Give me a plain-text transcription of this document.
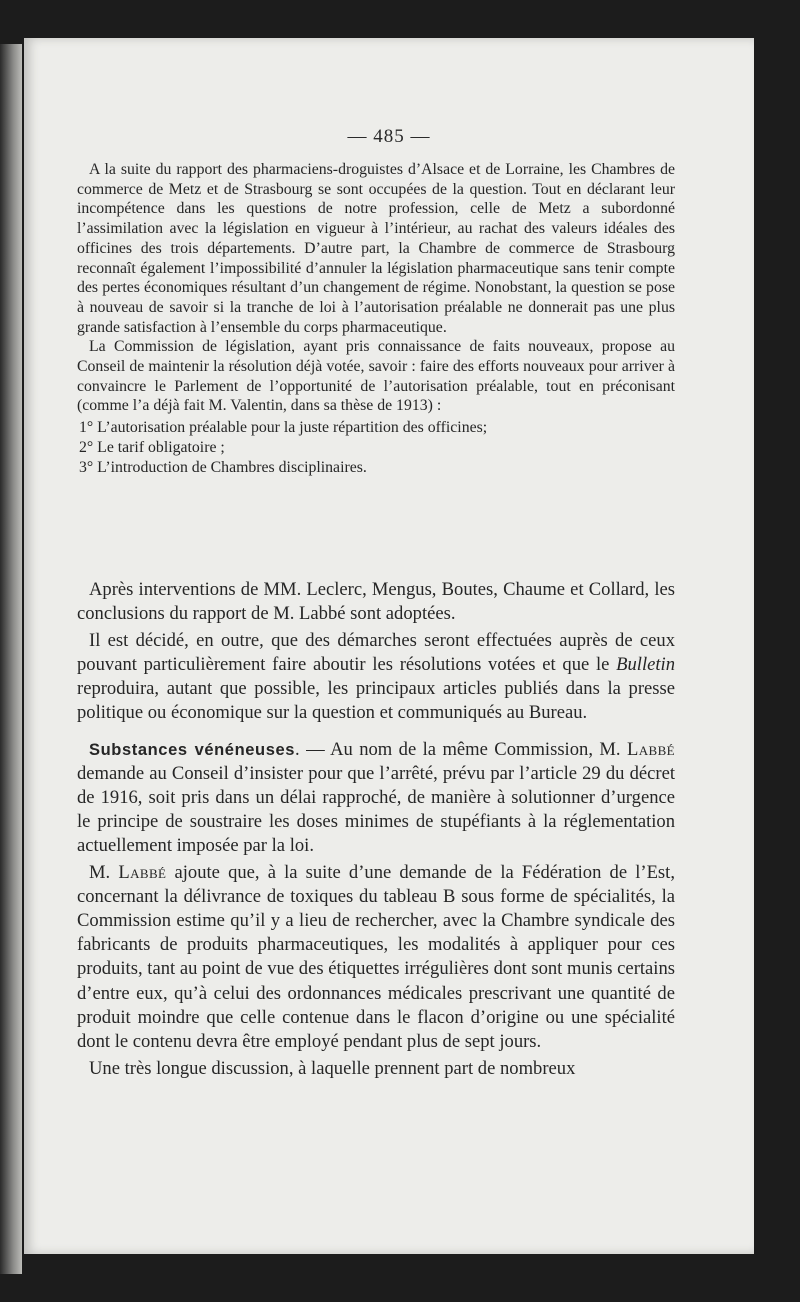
— 485 —

A la suite du rapport des pharmaciens-droguistes d’Alsace et de Lorraine, les Chambres de commerce de Metz et de Strasbourg se sont occupées de la question. Tout en déclarant leur incompétence dans les questions de notre profession, celle de Metz a subordonné l’assimilation avec la législation en vigueur à l’intérieur, au rachat des valeurs idéales des officines des trois départements. D’autre part, la Chambre de commerce de Strasbourg reconnaît également l’impossibilité d’annuler la législation pharmaceutique sans tenir compte des pertes économiques résultant d’un changement de régime. Nonobstant, la question se pose à nouveau de savoir si la tranche de loi à l’autorisation préalable ne donnerait pas une plus grande satisfaction à l’ensemble du corps pharmaceutique.

La Commission de législation, ayant pris connaissance de faits nouveaux, propose au Conseil de maintenir la résolution déjà votée, savoir : faire des efforts nouveaux pour arriver à convaincre le Parlement de l’opportunité de l’autorisation préalable, tout en préconisant (comme l’a déjà fait M. Valentin, dans sa thèse de 1913) :

1° L’autorisation préalable pour la juste répartition des officines;
2° Le tarif obligatoire ;
3° L’introduction de Chambres disciplinaires.

Après interventions de MM. Leclerc, Mengus, Boutes, Chaume et Collard, les conclusions du rapport de M. Labbé sont adoptées.

Il est décidé, en outre, que des démarches seront effectuées auprès de ceux pouvant particulièrement faire aboutir les résolutions votées et que le Bulletin reproduira, autant que possible, les principaux articles publiés dans la presse politique ou économique sur la question et communiqués au Bureau.

Substances vénéneuses. — Au nom de la même Commission, M. Labbé demande au Conseil d’insister pour que l’arrêté, prévu par l’article 29 du décret de 1916, soit pris dans un délai rapproché, de manière à solutionner d’urgence le principe de soustraire les doses minimes de stupéfiants à la réglementation actuellement imposée par la loi.

M. Labbé ajoute que, à la suite d’une demande de la Fédération de l’Est, concernant la délivrance de toxiques du tableau B sous forme de spécialités, la Commission estime qu’il y a lieu de rechercher, avec la Chambre syndicale des fabricants de produits pharmaceutiques, les modalités à appliquer pour ces produits, tant au point de vue des étiquettes irrégulières dont sont munis certains d’entre eux, qu’à celui des ordonnances médicales prescrivant une quantité de produit moindre que celle contenue dans le flacon d’origine ou une spécialité dont le contenu devra être employé pendant plus de sept jours.

Une très longue discussion, à laquelle prennent part de nombreux
